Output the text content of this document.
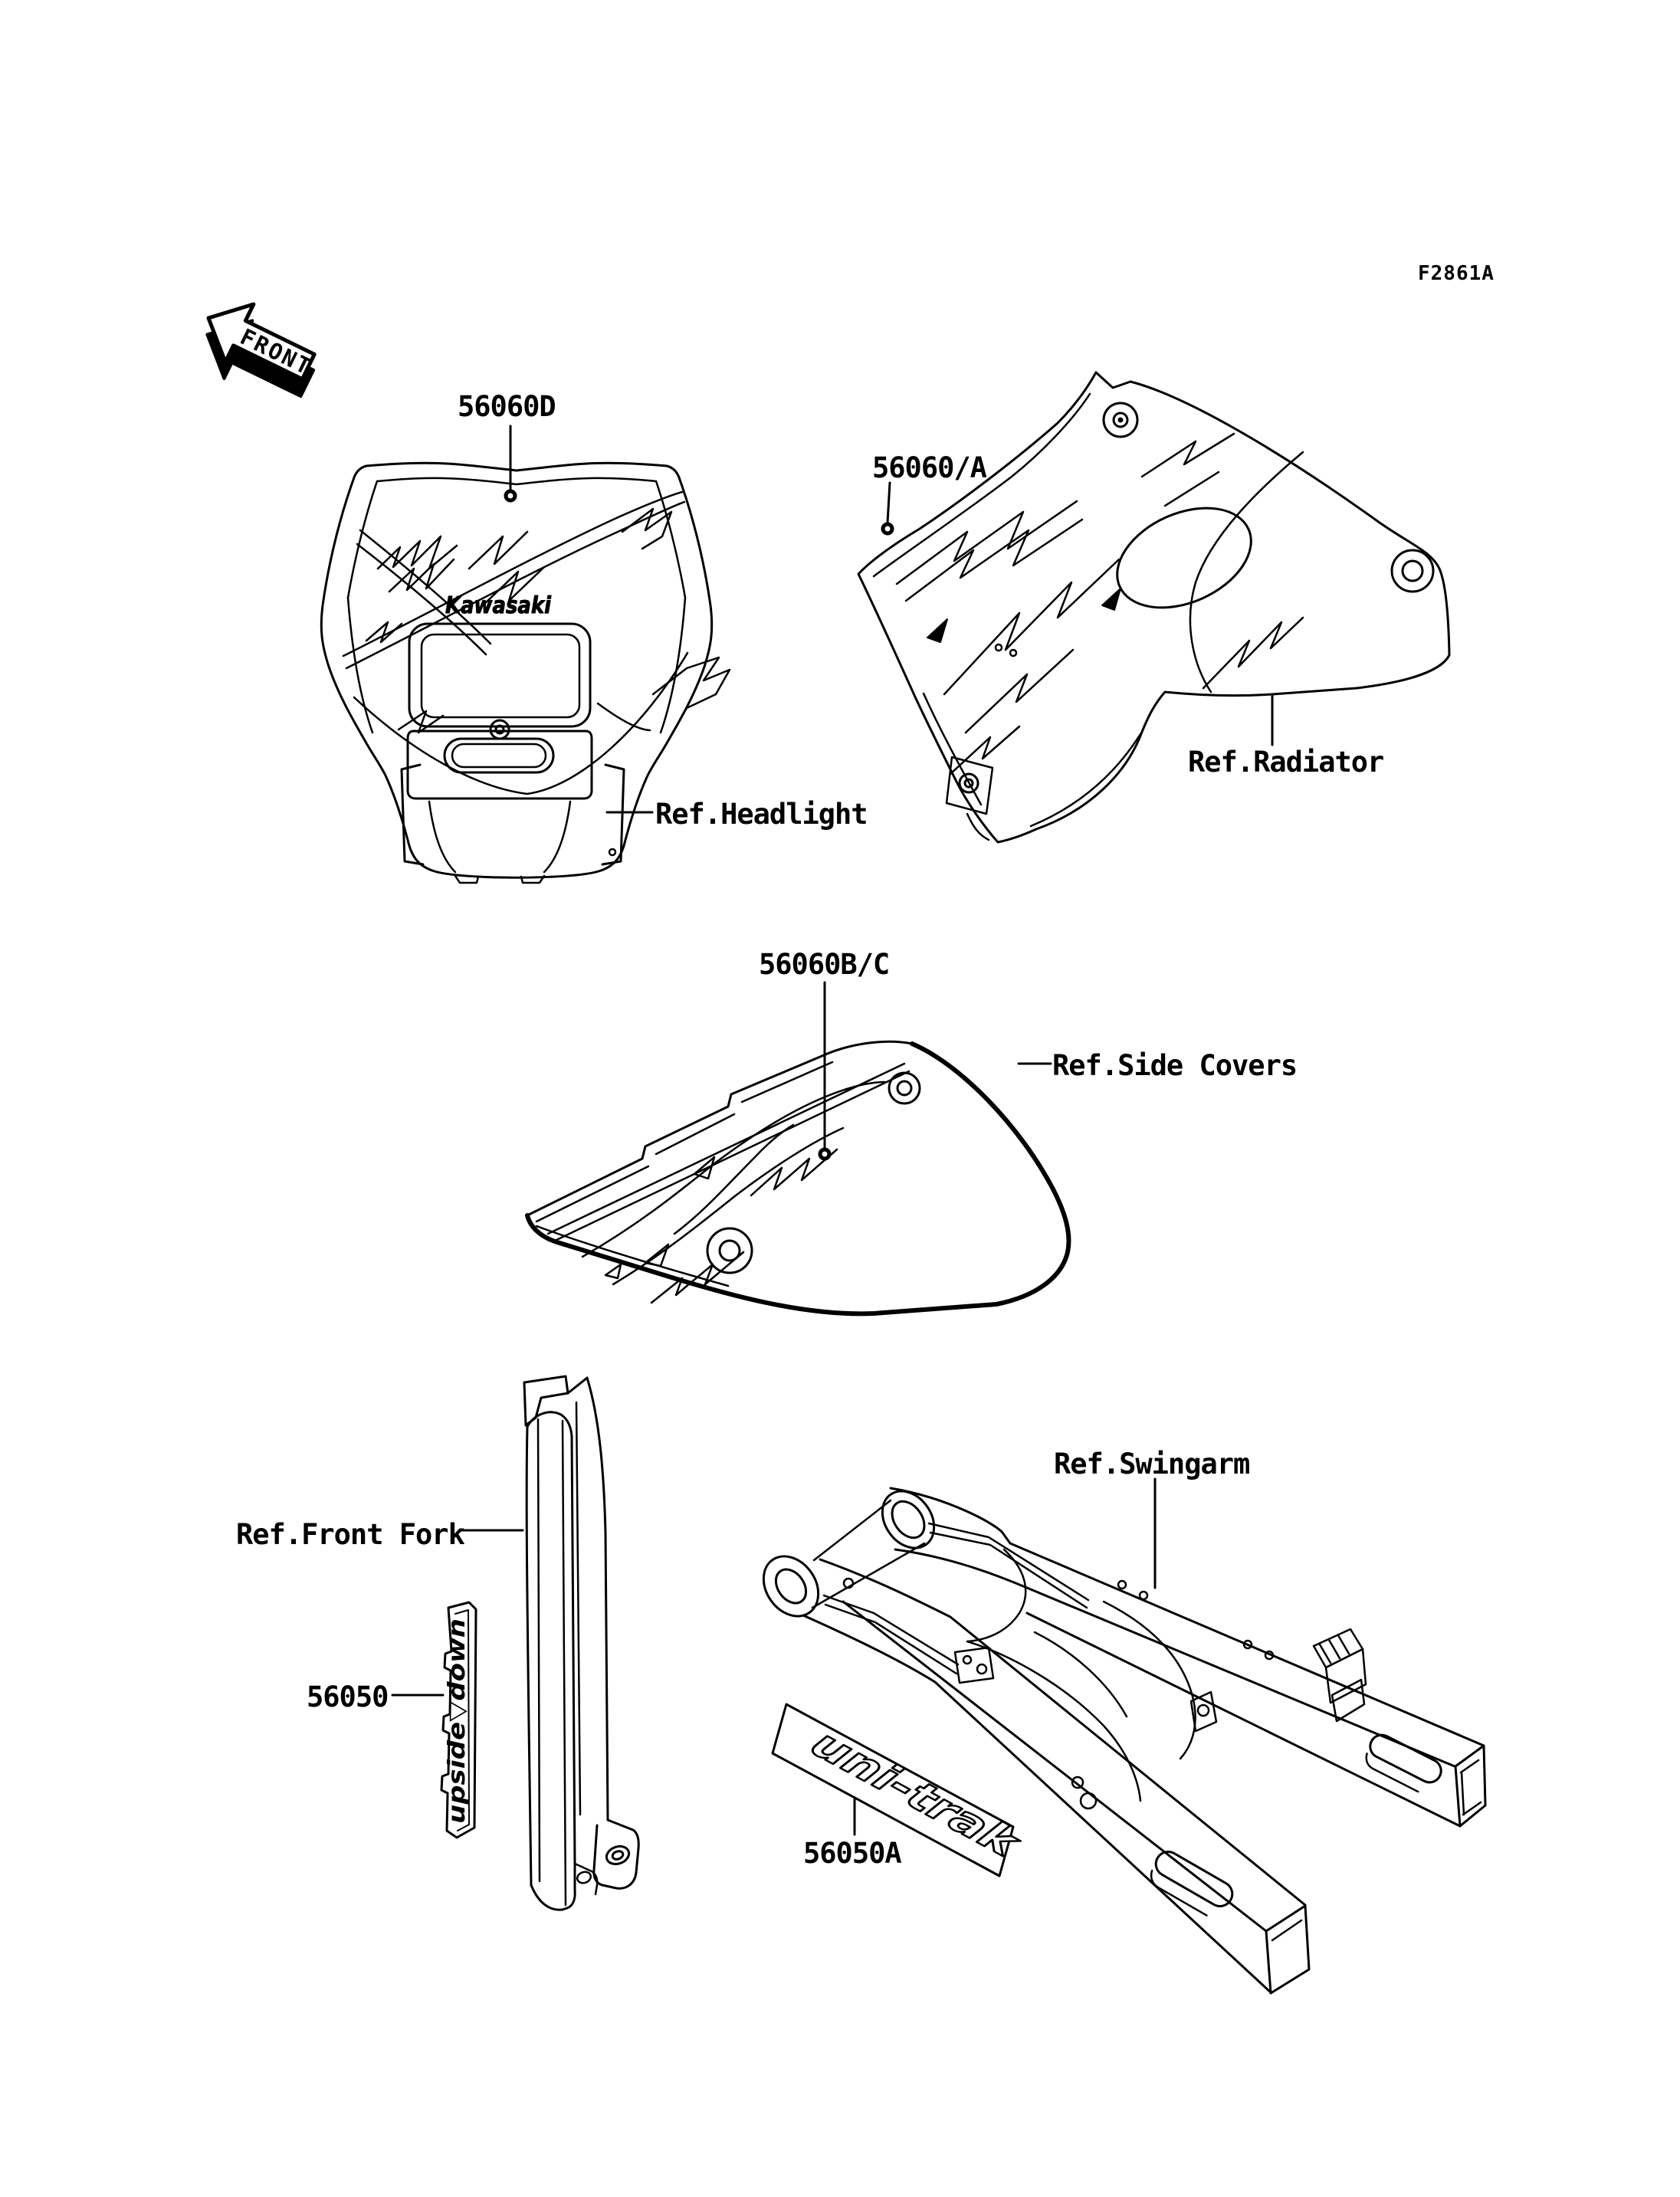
FRONT
Kawasaki
upside▽down	uni-trak
F2861A
56060D
56060/A
56060B/C
56050
56050A
Ref.Headlight
Ref.Radiator
Ref.Side Covers
Ref.Front Fork
Ref.Swingarm
